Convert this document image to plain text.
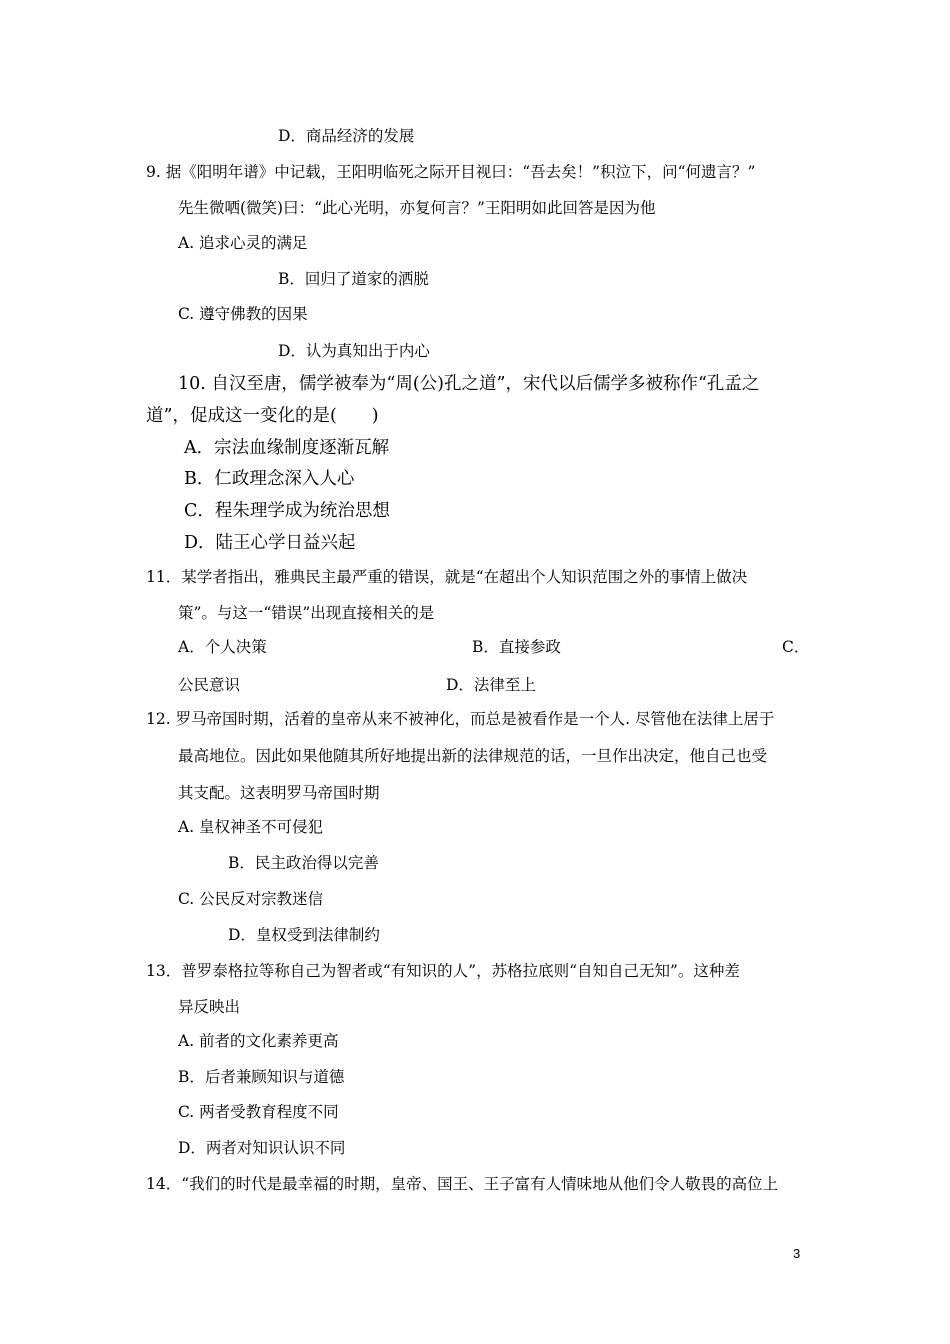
D．商品经济的发展

9. 据《阳明年谱》中记载，王阳明临死之际开目视曰：“吾去矣！”积泣下，问“何遗言？”

先生微哂(微笑)曰：“此心光明，亦复何言？”王阳明如此回答是因为他

A. 追求心灵的满足

B．回归了道家的洒脱

C. 遵守佛教的因果

D．认为真知出于内心

10. 自汉至唐，儒学被奉为“周(公)孔之道”，宋代以后儒学多被称作“孔孟之

道”，促成这一变化的是(　　)

A．宗法血缘制度逐渐瓦解

B．仁政理念深入人心

C．程朱理学成为统治思想

D．陆王心学日益兴起

11．某学者指出，雅典民主最严重的错误，就是“在超出个人知识范围之外的事情上做决

策”。与这一“错误”出现直接相关的是

A．个人决策	B．直接参政	C．

公民意识	D．法律至上

12. 罗马帝国时期，活着的皇帝从来不被神化，而总是被看作是一个人. 尽管他在法律上居于

最高地位。因此如果他随其所好地提出新的法律规范的话，一旦作出决定，他自己也受

其支配。这表明罗马帝国时期

A. 皇权神圣不可侵犯

B．民主政治得以完善

C. 公民反对宗教迷信

D．皇权受到法律制约

13．普罗泰格拉等称自己为智者或“有知识的人”，苏格拉底则“自知自己无知”。这种差

异反映出

A. 前者的文化素养更高

B．后者兼顾知识与道德

C. 两者受教育程度不同

D．两者对知识认识不同

14．“我们的时代是最幸福的时期，皇帝、国王、王子富有人情味地从他们令人敬畏的高位上

3
